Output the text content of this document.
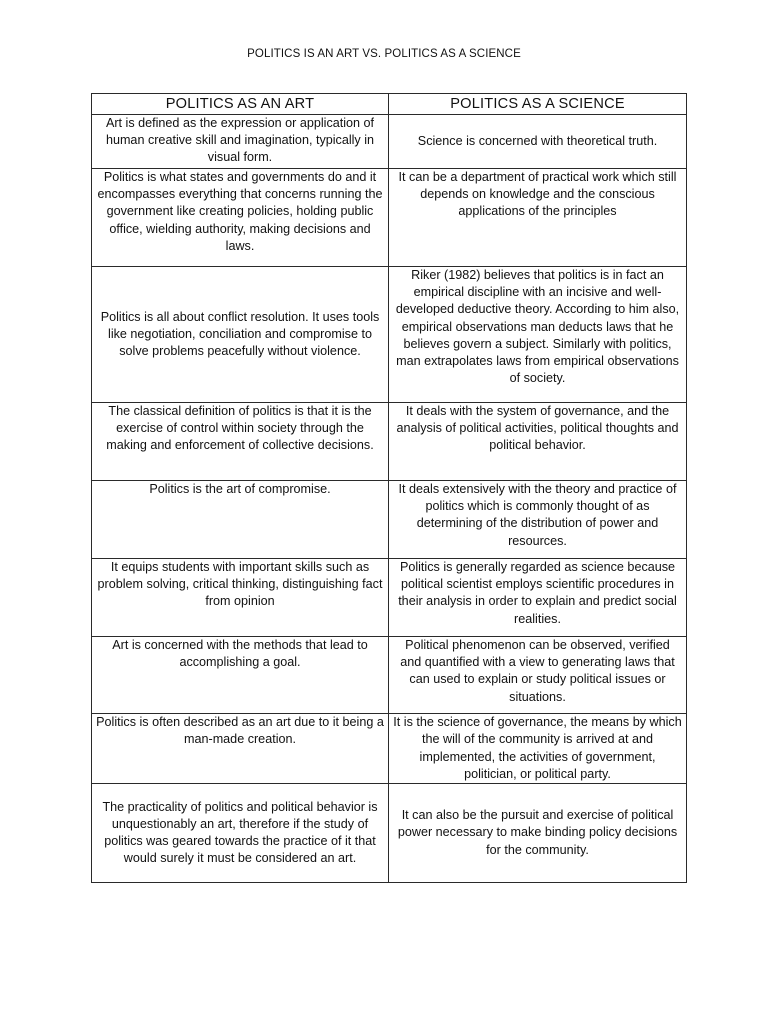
POLITICS IS AN ART VS. POLITICS AS A SCIENCE
POLITICS AS AN ART	POLITICS AS A SCIENCE
Art is defined as the expression or application of human creative skill and imagination, typically in visual form.	Science is concerned with theoretical truth.
Politics is what states and governments do and it encompasses everything that concerns running the government like creating policies, holding public office, wielding authority, making decisions and laws.	It can be a department of practical work which still depends on knowledge and the conscious applications of the principles
Politics is all about conflict resolution. It uses tools like negotiation, conciliation and compromise to solve problems peacefully without violence.	Riker (1982) believes that politics is in fact an empirical discipline with an incisive and well-developed deductive theory. According to him also, empirical observations man deducts laws that he believes govern a subject. Similarly with politics, man extrapolates laws from empirical observations of society.
The classical definition of politics is that it is the exercise of control within society through the making and enforcement of collective decisions.	It deals with the system of governance, and the analysis of political activities, political thoughts and political behavior.
Politics is the art of compromise.	It deals extensively with the theory and practice of politics which is commonly thought of as determining of the distribution of power and resources.
It equips students with important skills such as problem solving, critical thinking, distinguishing fact from opinion	Politics is generally regarded as science because political scientist employs scientific procedures in their analysis in order to explain and predict social realities.
Art is concerned with the methods that lead to accomplishing a goal.	Political phenomenon can be observed, verified and quantified with a view to generating laws that can used to explain or study political issues or situations.
Politics is often described as an art due to it being a man-made creation.	It is the science of governance, the means by which the will of the community is arrived at and implemented, the activities of government, politician, or political party.
The practicality of politics and political behavior is unquestionably an art, therefore if the study of politics was geared towards the practice of it that would surely it must be considered an art.	It can also be the pursuit and exercise of political power necessary to make binding policy decisions for the community.
